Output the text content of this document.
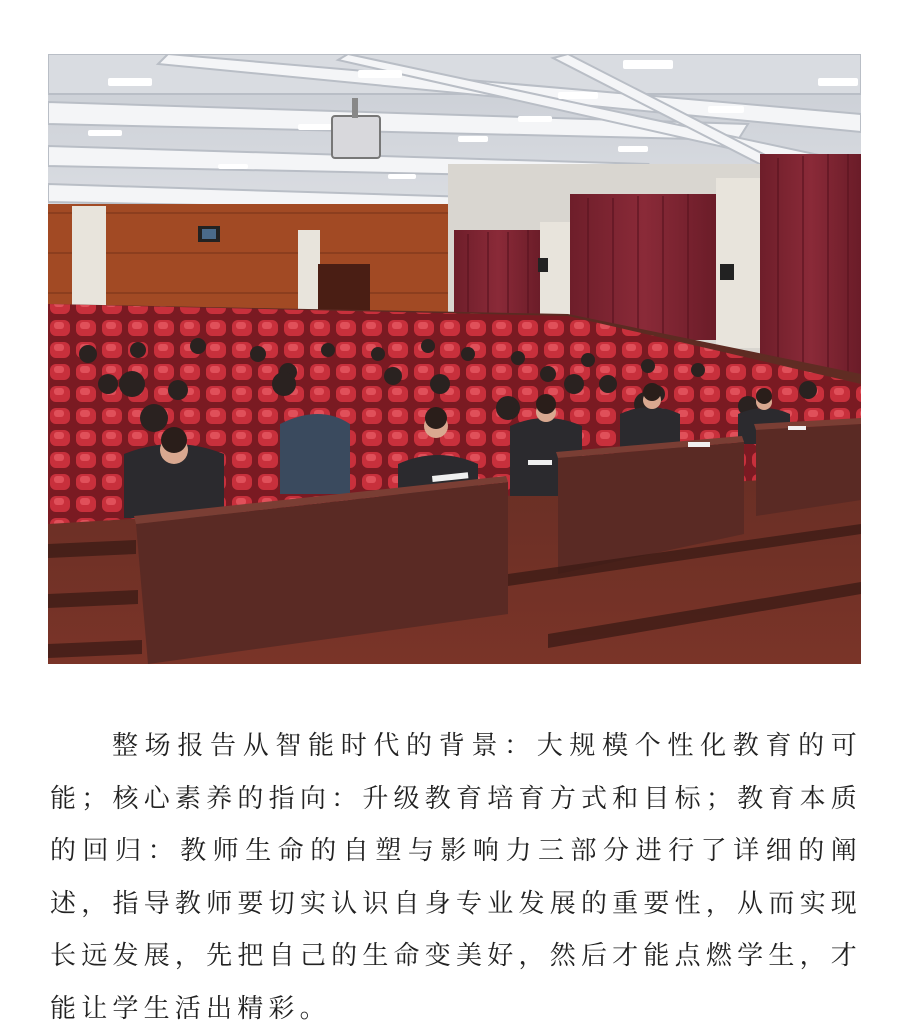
整场报告从智能时代的背景：大规模个性化教育的可能；核心素养的指向：升级教育培育方式和目标；教育本质的回归：教师生命的自塑与影响力三部分进行了详细的阐述，指导教师要切实认识自身专业发展的重要性，从而实现长远发展，先把自己的生命变美好，然后才能点燃学生，才能让学生活出精彩。
